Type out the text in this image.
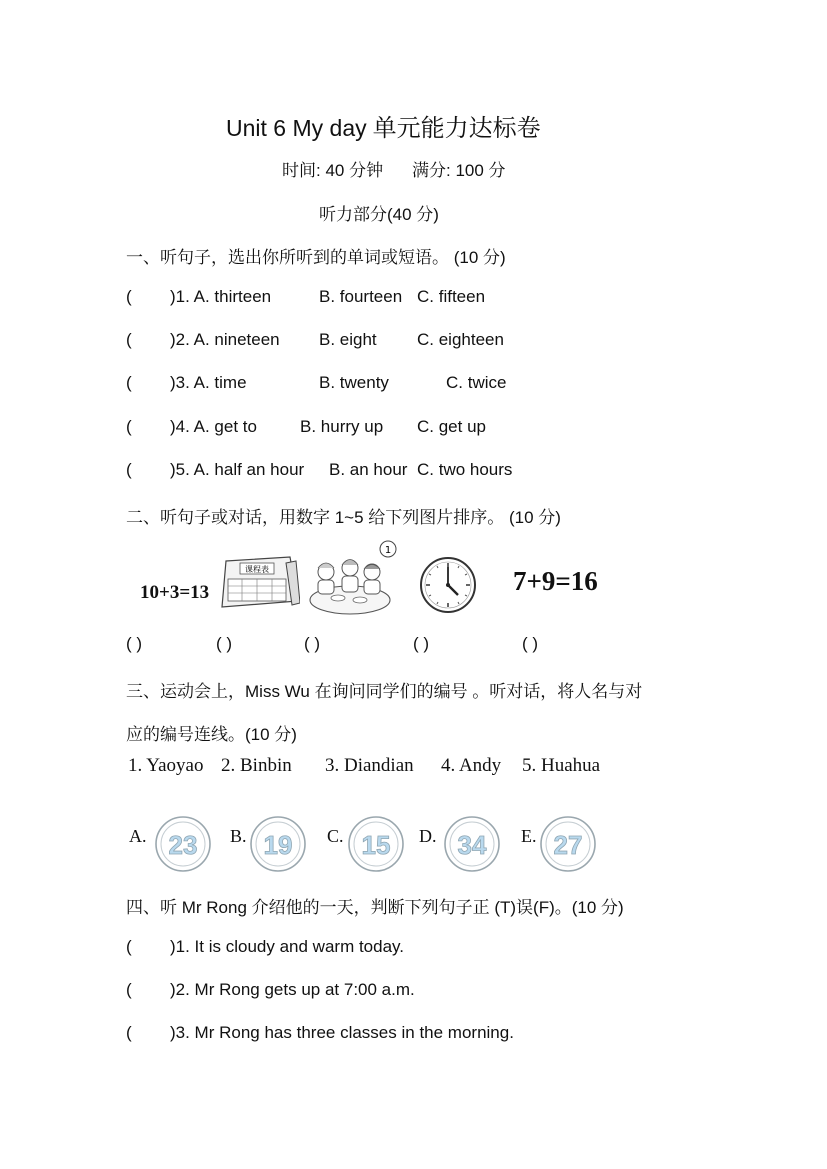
Unit 6 My day 单元能力达标卷
时间: 40 分钟 满分: 100 分
听力部分(40 分)
一、听句子，选出你所听到的单词或短语。 (10 分)
( )1. A. thirteen	B. fourteen C. fifteen
( )2. A. nineteen B. eight C. eighteen
( )3. A. time	B. twenty	C. twice
( )4. A. get to	B. hurry up C. get up
( )5. A. half an hour B. an hour C. two hours
二、听句子或对话，用数字 1~5 给下列图片排序。 (10 分)
10+3=13
课程表
1
7+9=16
( )	( )	( )	( )	( )
三、运动会上，Miss Wu 在询问同学们的编号 。听对话，将人名与对
应的编号连线。(10 分)
1. Yaoyao 2. Binbin 3. Diandian 4. Andy 5. Huahua
A. 23 B. 19 C. 15 D. 34 E. 27
四、听 Mr Rong 介绍他的一天，判断下列句子正 (T)误(F)。(10 分)
( )1. It is cloudy and warm today.
( )2. Mr Rong gets up at 7:00 a.m.
( )3. Mr Rong has three classes in the morning.
